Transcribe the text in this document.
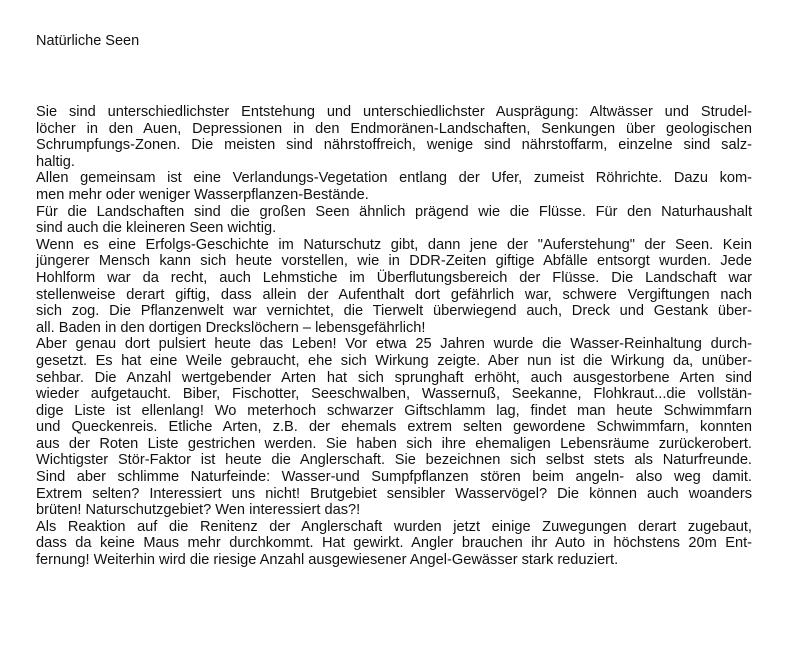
Natürliche Seen
Sie sind unterschiedlichster Entstehung und unterschiedlichster Ausprägung: Altwässer und Strudel-
löcher in den Auen, Depressionen in den Endmoränen-Landschaften, Senkungen über geologischen
Schrumpfungs-Zonen. Die meisten sind nährstoffreich, wenige sind nährstoffarm, einzelne sind salz-
haltig.
Allen gemeinsam ist eine Verlandungs-Vegetation entlang der Ufer, zumeist Röhrichte. Dazu kom-
men mehr oder weniger Wasserpflanzen-Bestände.
Für die Landschaften sind die großen Seen ähnlich prägend wie die Flüsse. Für den Naturhaushalt
sind auch die kleineren Seen wichtig.
Wenn es eine Erfolgs-Geschichte im Naturschutz gibt, dann jene der "Auferstehung" der Seen. Kein
jüngerer Mensch kann sich heute vorstellen, wie in DDR-Zeiten giftige Abfälle entsorgt wurden. Jede
Hohlform war da recht, auch Lehmstiche im Überflutungsbereich der Flüsse. Die Landschaft war
stellenweise derart giftig, dass allein der Aufenthalt dort gefährlich war, schwere Vergiftungen nach
sich zog. Die Pflanzenwelt war vernichtet, die Tierwelt überwiegend auch, Dreck und Gestank über-
all. Baden in den dortigen Dreckslöchern – lebensgefährlich!
Aber genau dort pulsiert heute das Leben! Vor etwa 25 Jahren wurde die Wasser-Reinhaltung durch-
gesetzt. Es hat eine Weile gebraucht, ehe sich Wirkung zeigte. Aber nun ist die Wirkung da, unüber-
sehbar. Die Anzahl wertgebender Arten hat sich sprunghaft erhöht, auch ausgestorbene Arten sind
wieder aufgetaucht. Biber, Fischotter, Seeschwalben, Wassernuß, Seekanne, Flohkraut...die vollstän-
dige Liste ist ellenlang! Wo meterhoch schwarzer Giftschlamm lag, findet man heute Schwimmfarn
und Queckenreis. Etliche Arten, z.B. der ehemals extrem selten gewordene Schwimmfarn, konnten
aus der Roten Liste gestrichen werden. Sie haben sich ihre ehemaligen Lebensräume zurückerobert.
Wichtigster Stör-Faktor ist heute die Anglerschaft. Sie bezeichnen sich selbst stets als Naturfreunde.
Sind aber schlimme Naturfeinde: Wasser-und Sumpfpflanzen stören beim angeln- also weg damit.
Extrem selten? Interessiert uns nicht! Brutgebiet sensibler Wasservögel? Die können auch woanders
brüten! Naturschutzgebiet? Wen interessiert das?!
Als Reaktion auf die Renitenz der Anglerschaft wurden jetzt einige Zuwegungen derart zugebaut,
dass da keine Maus mehr durchkommt. Hat gewirkt. Angler brauchen ihr Auto in höchstens 20m Ent-
fernung! Weiterhin wird die riesige Anzahl ausgewiesener Angel-Gewässer stark reduziert.
